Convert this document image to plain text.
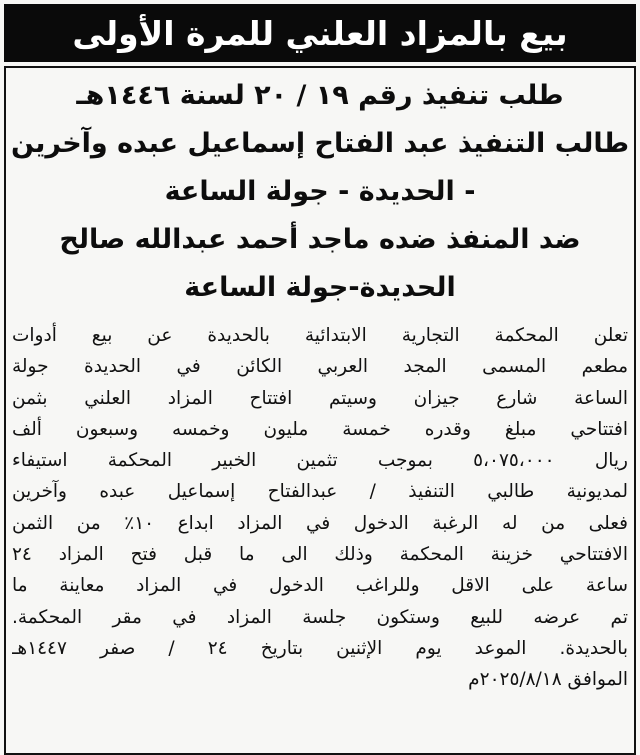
بيع بالمزاد العلني للمرة الأولى
طلب تنفيذ رقم ١٩ / ٢٠ لسنة ١٤٤٦هـ
طالب التنفيذ عبد الفتاح إسماعيل عبده وآخرين
- الحديدة - جولة الساعة
ضد المنفذ ضده ماجد أحمد عبدالله صالح
الحديدة-جولة الساعة
تعلن المحكمة التجارية الابتدائية بالحديدة عن بيع أدوات
مطعم المسمى المجد العربي الكائن في الحديدة جولة
الساعة شارع جيزان وسيتم افتتاح المزاد العلني بثمن
افتتاحي مبلغ وقدره خمسة مليون وخمسه وسبعون ألف
ريال ٥،٠٧٥،٠٠٠ بموجب تثمين الخبير المحكمة استيفاء
لمديونية طالبي التنفيذ / عبدالفتاح إسماعيل عبده وآخرين
فعلى من له الرغبة الدخول في المزاد ابداع ١٠٪ من الثمن
الافتتاحي خزينة المحكمة وذلك الى ما قبل فتح المزاد ٢٤
ساعة على الاقل وللراغب الدخول في المزاد معاينة ما
تم عرضه للبيع وستكون جلسة المزاد في مقر المحكمة.
بالحديدة. الموعد يوم الإثنين بتاريخ ٢٤ / صفر ١٤٤٧هـ
الموافق ٢٠٢٥/٨/١٨م
